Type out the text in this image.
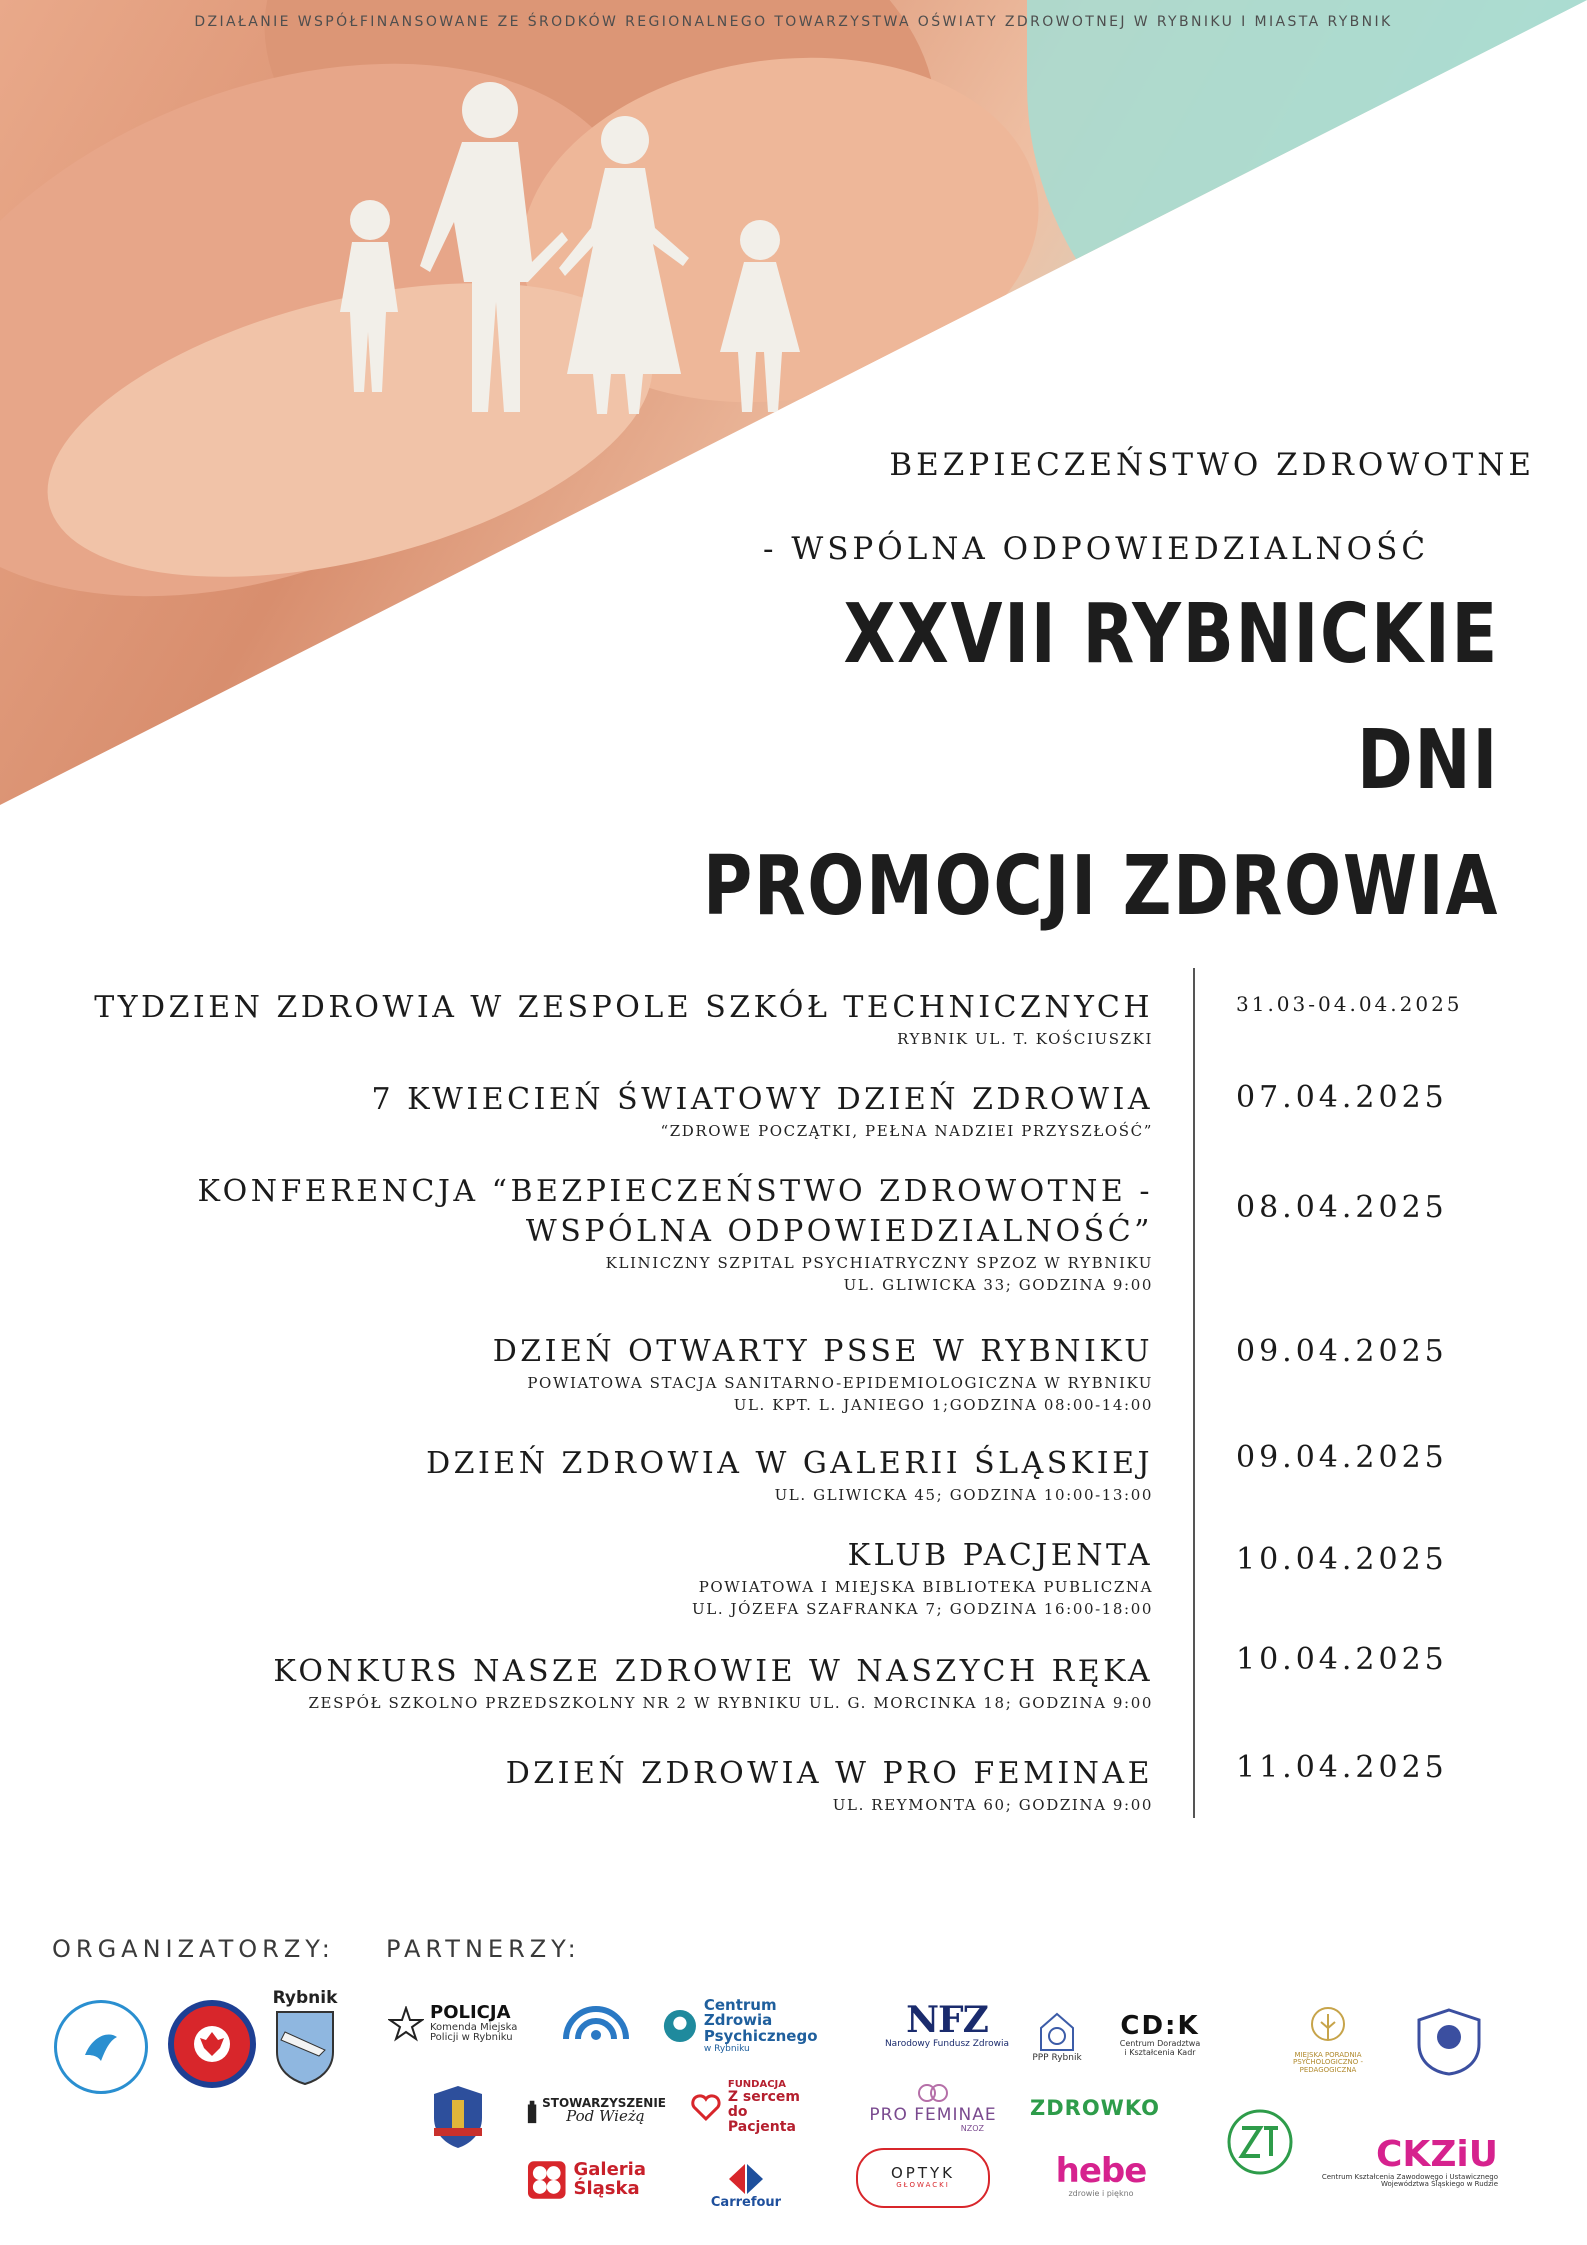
DZIAŁANIE WSPÓŁFINANSOWANE ZE ŚRODKÓW REGIONALNEGO TOWARZYSTWA OŚWIATY ZDROWOTNEJ W RYBNIKU I MIASTA RYBNIK

BEZPIECZEŃSTWO ZDROWOTNE

- WSPÓLNA ODPOWIEDZIALNOŚĆ

XXVII RYBNICKIE DNI
PROMOCJI ZDROWIA
TYDZIEN ZDROWIA W ZESPOLE SZKÓŁ TECHNICZNYCH
RYBNIK UL. T. KOŚCIUSZKI
31.03-04.04.2025
7 KWIECIEŃ ŚWIATOWY DZIEŃ ZDROWIA
“ZDROWE POCZĄTKI, PEŁNA NADZIEI PRZYSZŁOŚĆ”
07.04.2025
KONFERENCJA “BEZPIECZEŃSTWO ZDROWOTNE -
WSPÓLNA ODPOWIEDZIALNOŚĆ”
KLINICZNY SZPITAL PSYCHIATRYCZNY SPZOZ W RYBNIKU
UL. GLIWICKA 33; GODZINA 9:00
08.04.2025
DZIEŃ OTWARTY PSSE W RYBNIKU
POWIATOWA STACJA SANITARNO-EPIDEMIOLOGICZNA W RYBNIKU
UL. KPT. L. JANIEGO 1;GODZINA 08:00-14:00
09.04.2025
DZIEŃ ZDROWIA W GALERII ŚLĄSKIEJ
UL. GLIWICKA 45; GODZINA 10:00-13:00
09.04.2025
KLUB PACJENTA
POWIATOWA I MIEJSKA BIBLIOTEKA PUBLICZNA
UL. JÓZEFA SZAFRANKA 7; GODZINA 16:00-18:00
10.04.2025
KONKURS NASZE ZDROWIE W NASZYCH RĘKA
ZESPÓŁ SZKOLNO PRZEDSZKOLNY NR 2 W RYBNIKU UL. G. MORCINKA 18; GODZINA 9:00
10.04.2025
DZIEŃ ZDROWIA W PRO FEMINAE
UL. REYMONTA 60; GODZINA 9:00
11.04.2025
ORGANIZATORZY: PARTNERZY:
Rybnik
POLICJA
Komenda Miejska
Policji w Rybniku
Centrum Zdrowia
Psychicznego
w Rybniku
NFZ
Narodowy Fundusz Zdrowia
PPP Rybnik
CD:K
Centrum Doradztwa
i Kształcenia Kadr	MIEJSKA PORADNIA
PSYCHOLOGICZNO - PEDAGOGICZNA
STOWARZYSZENIE
Pod Wieżą
FUNDACJA
Z sercem
do Pacjenta
PRO FEMINAE
NZOZ
ZDROWKO
Galeria
Śląska
Carrefour
OPTYK
GŁOWACKI	hebe
zdrowie i piękno
CKZiU
Centrum Kształcenia Zawodowego i Ustawicznego
Województwa Śląskiego w Rudzie
